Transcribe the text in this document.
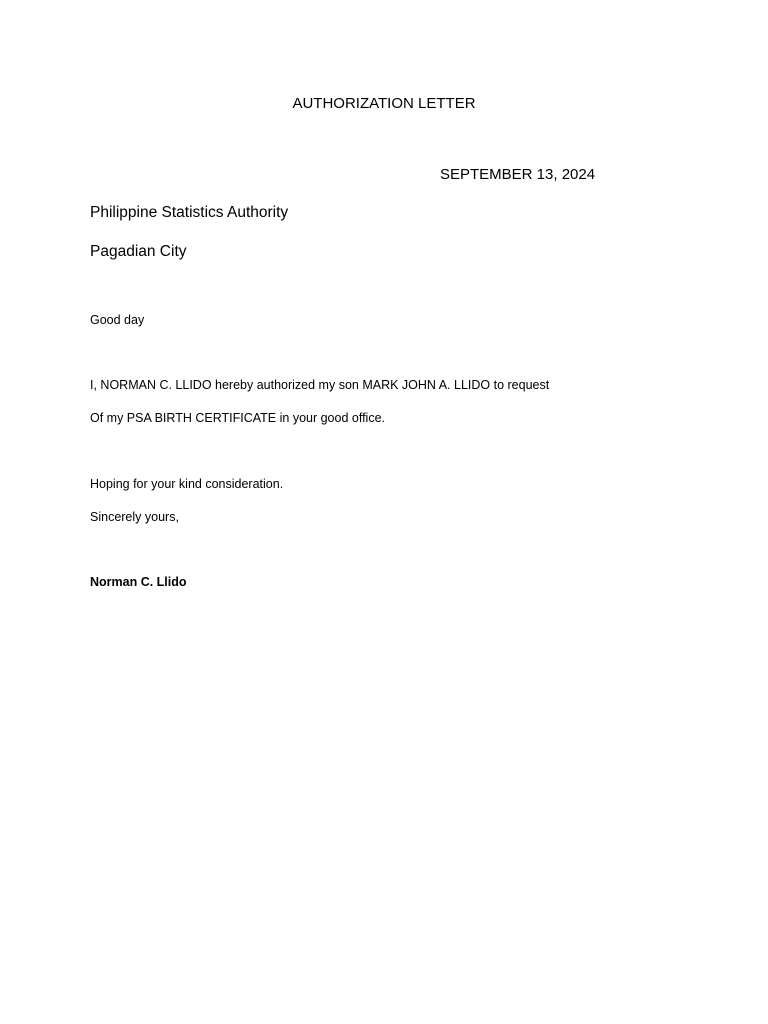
AUTHORIZATION LETTER
SEPTEMBER 13, 2024
Philippine Statistics Authority
Pagadian City
Good day
I, NORMAN C. LLIDO hereby authorized my son MARK JOHN A. LLIDO to request
Of my PSA BIRTH CERTIFICATE in your good office.
Hoping for your kind consideration.
Sincerely yours,
Norman C. Llido
